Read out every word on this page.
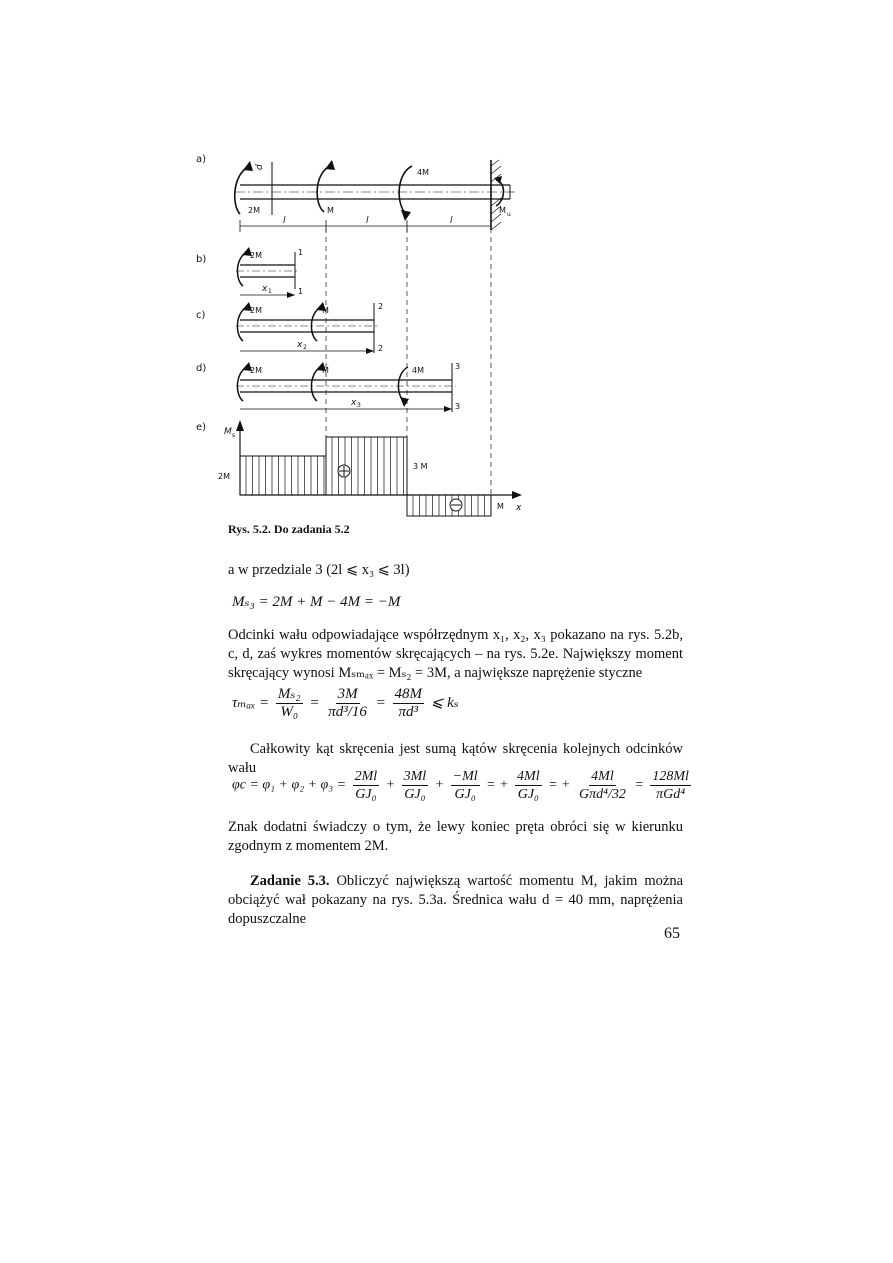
a)
b)
c)
d)
e)
2M	M
4M
M u
d
l	l	l
2M	1
1
x 1
2M	M	2
2
x 2
2M	M	4M	3
3
x 3
M s
2M
3 M
M x
Rys. 5.2. Do zadania 5.2
a w przedziale 3 (2l ⩽ x₃ ⩽ 3l)
Mₛ₃ = 2M + M − 4M = −M
Odcinki wału odpowiadające współrzędnym x₁, x₂, x₃ pokazano na rys. 5.2b, c, d, zaś wykres momentów skręcających – na rys. 5.2e. Największy moment skręcający wynosi Mₛₘₐₓ = Mₛ₂ = 3M, a największe naprężenie styczne
$\tau_{max} = \frac{\text{Mₛ₂}}{\text{W₀}} = \frac{3M}{\text{πd³/16}} = \frac{48M}{\text{πd³}}$ ⩽ kₛ
Całkowity kąt skręcenia jest sumą kątów skręcenia kolejnych odcinków wału
$\varphi c = \varphi_1 + \varphi_2 + \varphi_3 = \frac{2Ml}{\text{GJ₀}} + \frac{3Ml}{\text{GJ₀}} + \frac{-Ml}{\text{GJ₀}}$ = + $\frac{4Ml}{\text{GJ₀}}$ = + $\frac{4Ml}{\text{Gπd⁴/32}} = \frac{128Ml}{\text{πGd⁴}}$
Znak dodatni świadczy o tym, że lewy koniec pręta obróci się w kierunku zgodnym z momentem 2M.
Zadanie 5.3. Obliczyć największą wartość momentu M, jakim można obciążyć wał pokazany na rys. 5.3a. Średnica wału d = 40 mm, naprężenia dopuszczalne
65
